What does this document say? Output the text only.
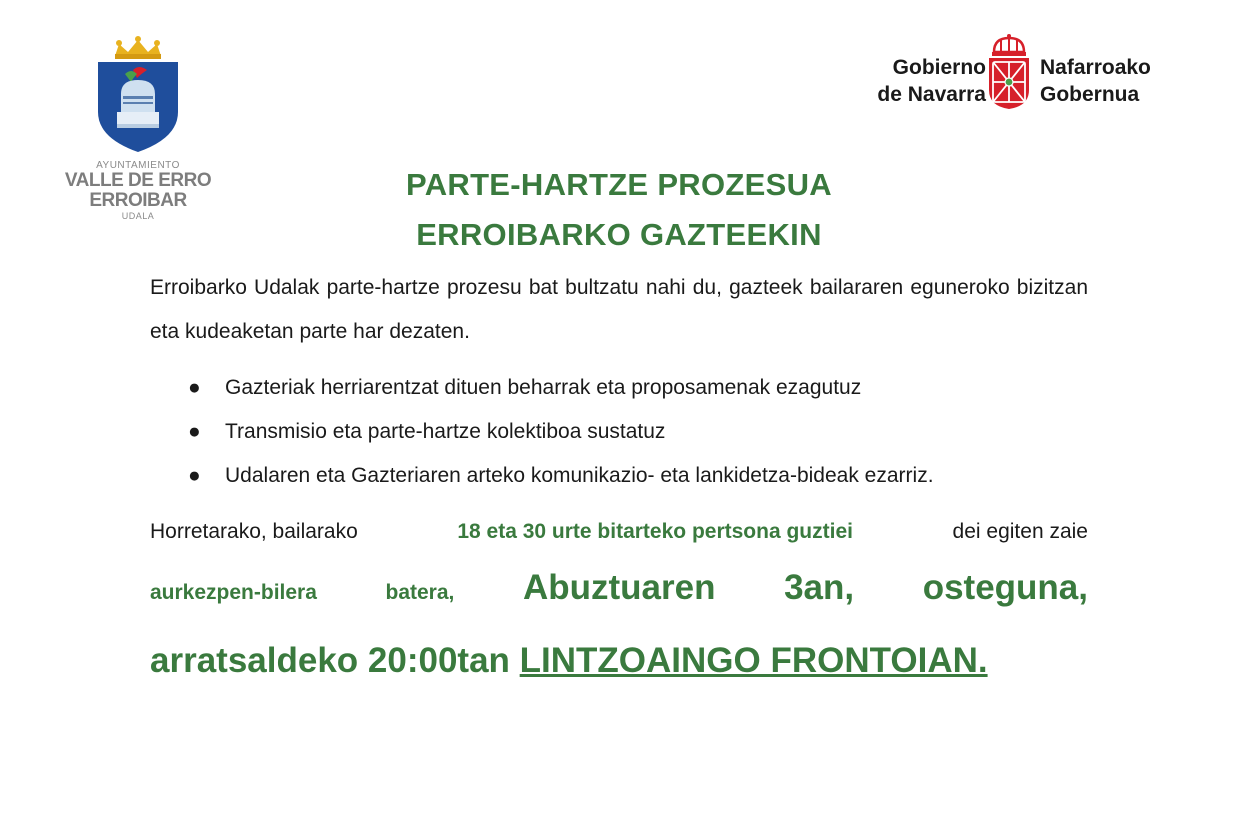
AYUNTAMIENTO
VALLE DE ERRO
ERROIBAR
UDALA
Gobierno
de Navarra
Nafarroako
Gobernua
PARTE-HARTZE PROZESUA
ERROIBARKO GAZTEEKIN

Erroibarko Udalak parte-hartze prozesu bat bultzatu nahi du, gazteek bailararen eguneroko bizitzan eta kudeaketan parte har dezaten.

● Gazteriak herriarentzat dituen beharrak eta proposamenak ezagutuz
● Transmisio eta parte-hartze kolektiboa sustatuz
● Udalaren eta Gazteriaren arteko komunikazio- eta lankidetza-bideak ezarriz.
Horretarako, bailarako	18 eta 30 urte bitarteko pertsona guztiei	dei egiten zaie
aurkezpen-bilera	batera, Abuztuaren 3an, osteguna,
arratsaldeko 20:00tan LINTZOAINGO FRONTOIAN.
